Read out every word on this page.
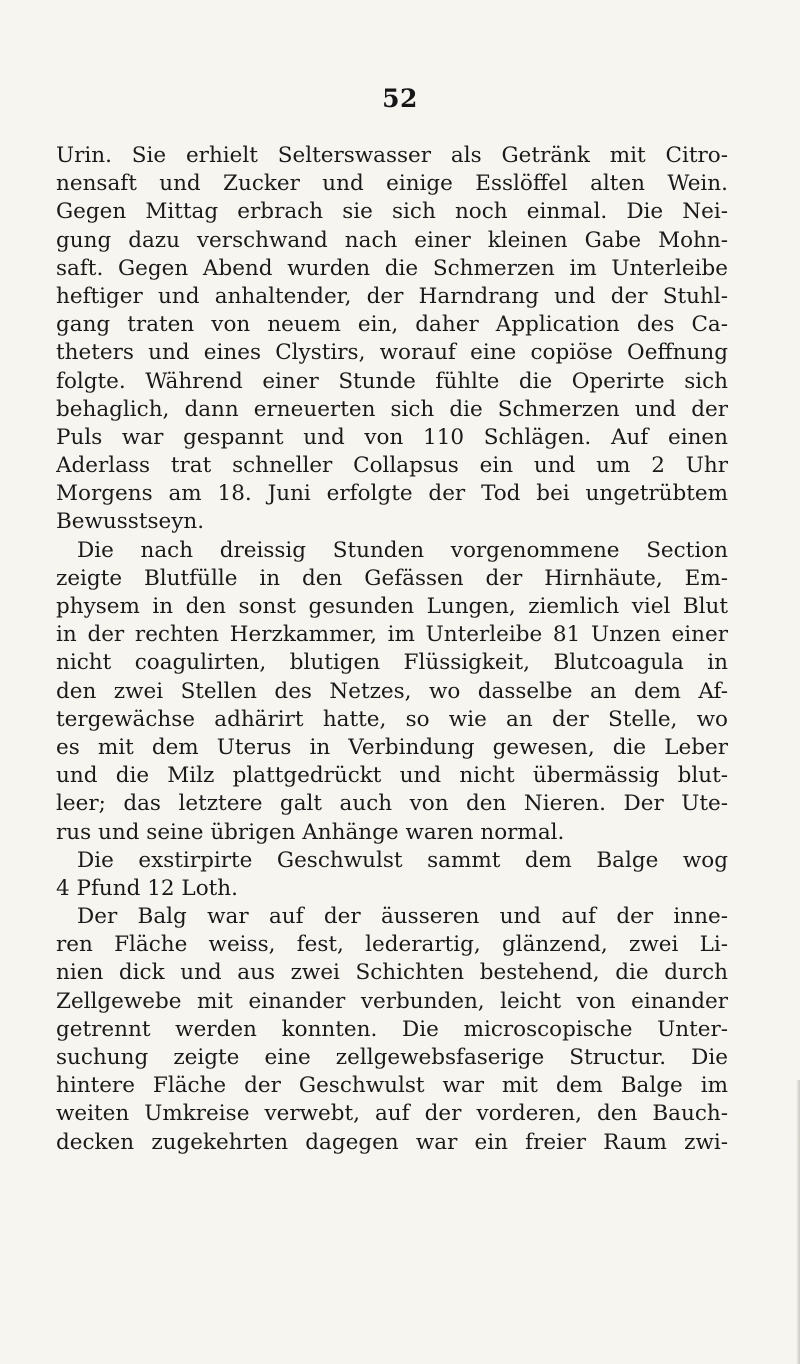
52
Urin. Sie erhielt Selterswasser als Getränk mit Citro-
nensaft und Zucker und einige Esslöffel alten Wein.
Gegen Mittag erbrach sie sich noch einmal. Die Nei-
gung dazu verschwand nach einer kleinen Gabe Mohn-
saft. Gegen Abend wurden die Schmerzen im Unterleibe
heftiger und anhaltender, der Harndrang und der Stuhl-
gang traten von neuem ein, daher Application des Ca-
theters und eines Clystirs, worauf eine copiöse Oeffnung
folgte. Während einer Stunde fühlte die Operirte sich
behaglich, dann erneuerten sich die Schmerzen und der
Puls war gespannt und von 110 Schlägen. Auf einen
Aderlass trat schneller Collapsus ein und um 2 Uhr
Morgens am 18. Juni erfolgte der Tod bei ungetrübtem
Bewusstseyn.
Die nach dreissig Stunden vorgenommene Section
zeigte Blutfülle in den Gefässen der Hirnhäute, Em-
physem in den sonst gesunden Lungen, ziemlich viel Blut
in der rechten Herzkammer, im Unterleibe 81 Unzen einer
nicht coagulirten, blutigen Flüssigkeit, Blutcoagula in
den zwei Stellen des Netzes, wo dasselbe an dem Af-
tergewächse adhärirt hatte, so wie an der Stelle, wo
es mit dem Uterus in Verbindung gewesen, die Leber
und die Milz plattgedrückt und nicht übermässig blut-
leer; das letztere galt auch von den Nieren. Der Ute-
rus und seine übrigen Anhänge waren normal.
Die exstirpirte Geschwulst sammt dem Balge wog
4 Pfund 12 Loth.
Der Balg war auf der äusseren und auf der inne-
ren Fläche weiss, fest, lederartig, glänzend, zwei Li-
nien dick und aus zwei Schichten bestehend, die durch
Zellgewebe mit einander verbunden, leicht von einander
getrennt werden konnten. Die microscopische Unter-
suchung zeigte eine zellgewebsfaserige Structur. Die
hintere Fläche der Geschwulst war mit dem Balge im
weiten Umkreise verwebt, auf der vorderen, den Bauch-
decken zugekehrten dagegen war ein freier Raum zwi-
